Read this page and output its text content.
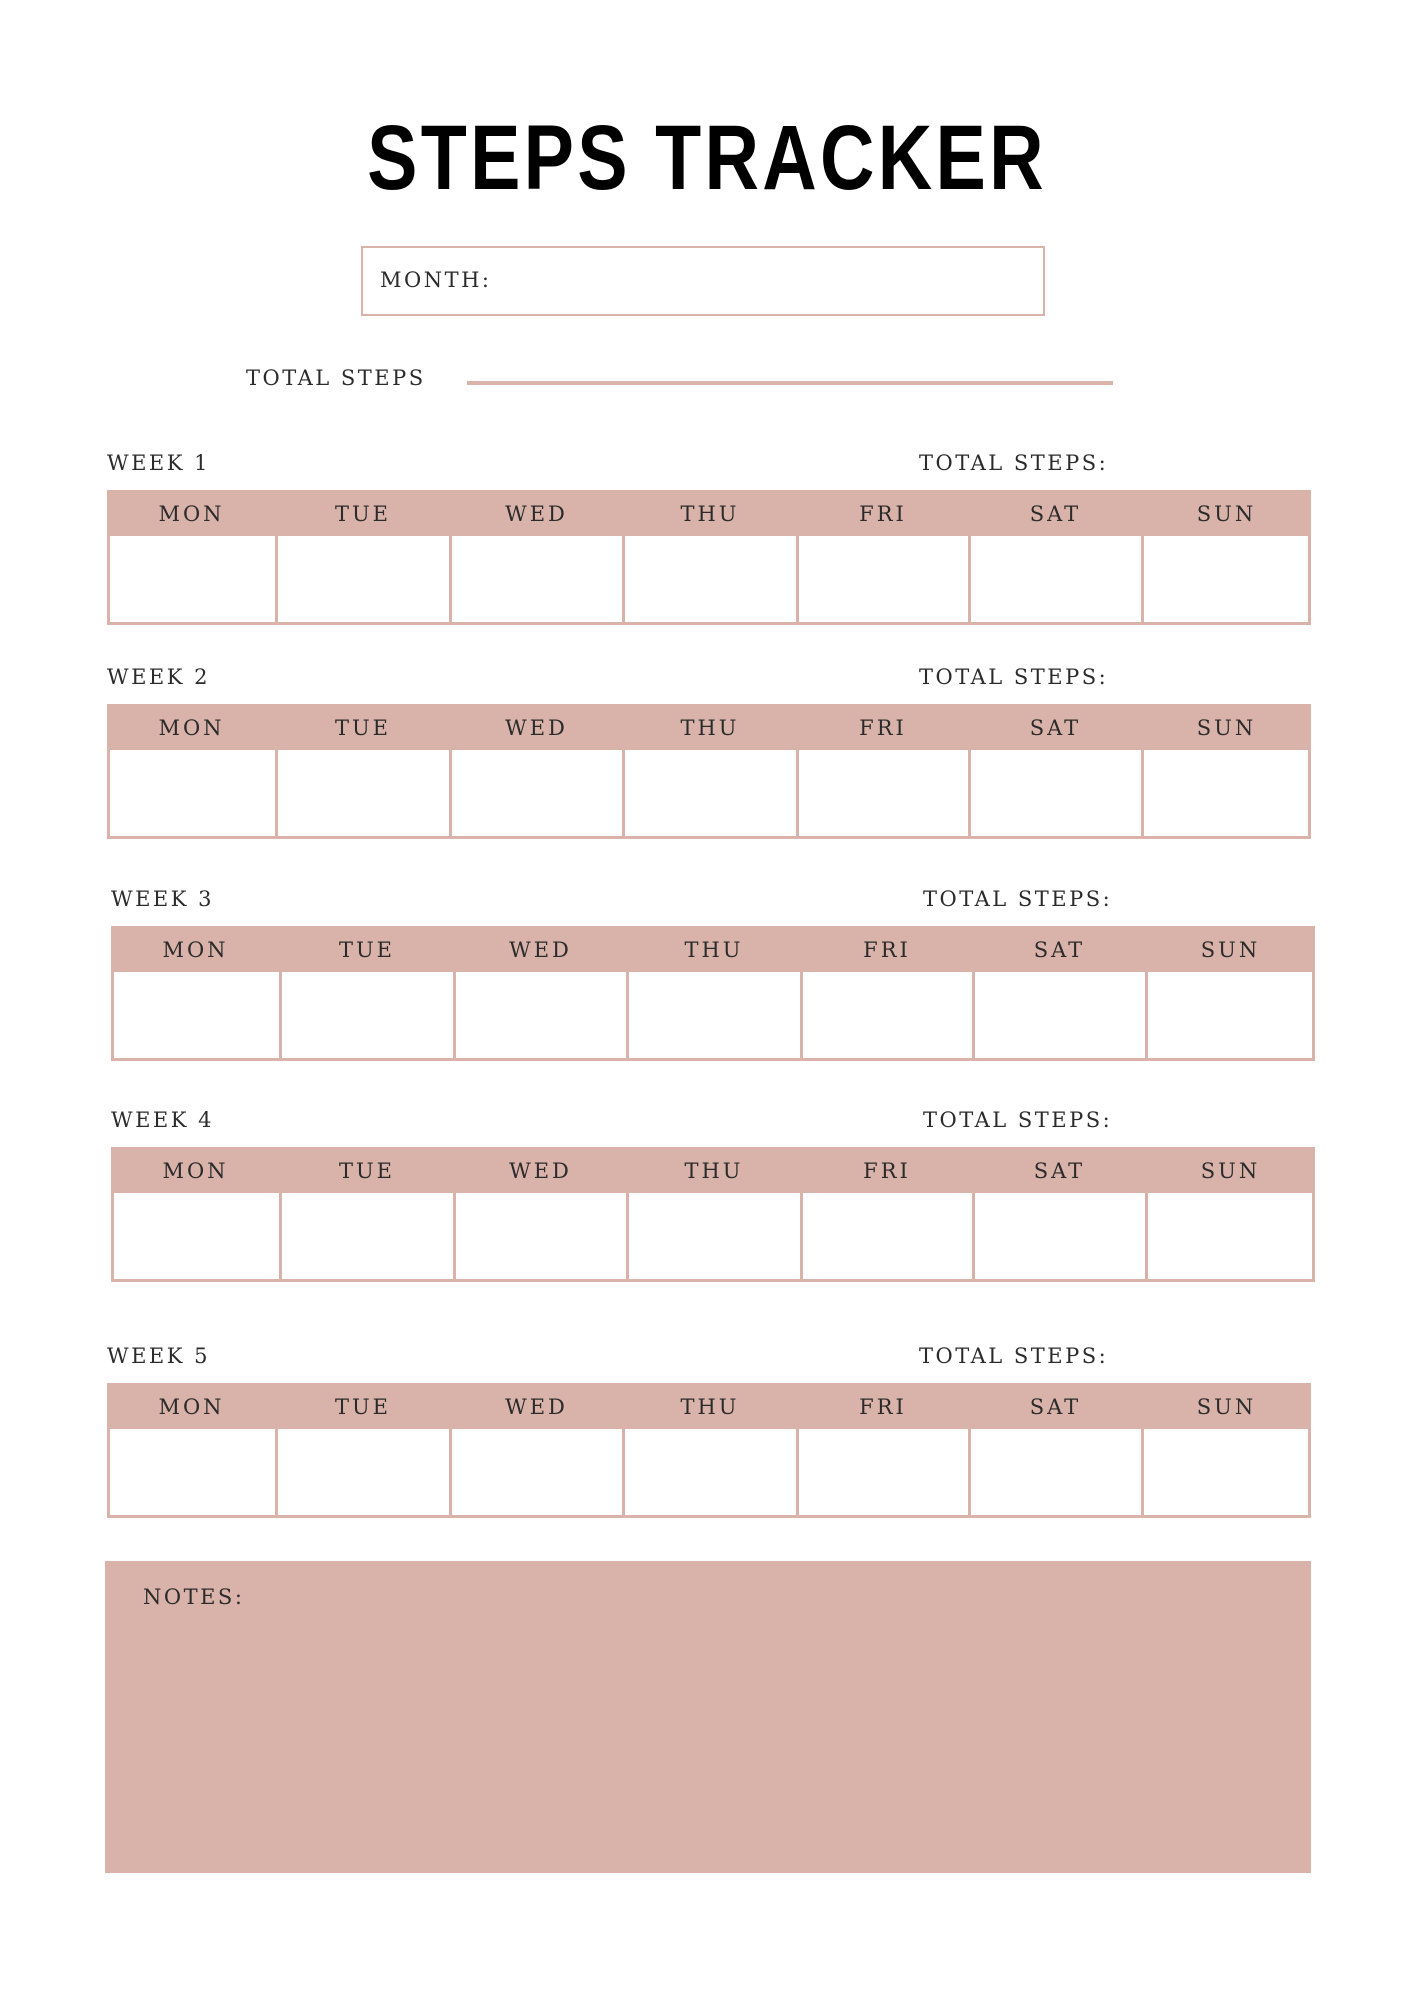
STEPS TRACKER
MONTH:
TOTAL STEPS
WEEK 1	TOTAL STEPS:
MON	TUE	WED	THU	FRI	SAT	SUN
WEEK 2	TOTAL STEPS:
MON	TUE	WED	THU	FRI	SAT	SUN
WEEK 3	TOTAL STEPS:
MON	TUE	WED	THU	FRI	SAT	SUN
WEEK 4	TOTAL STEPS:
MON	TUE	WED	THU	FRI	SAT	SUN
WEEK 5	TOTAL STEPS:
MON	TUE	WED	THU	FRI	SAT	SUN
NOTES:
